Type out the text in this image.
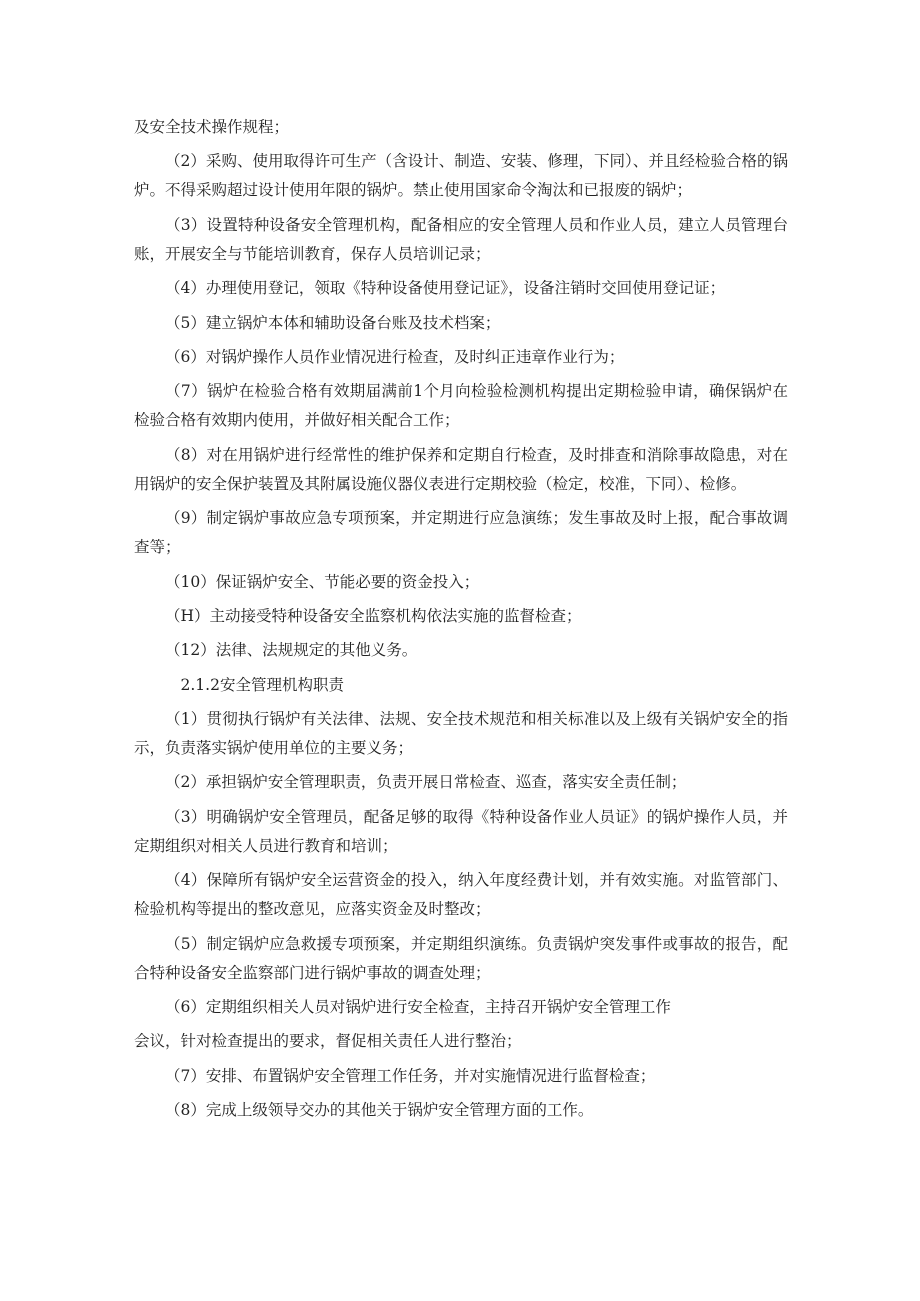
及安全技术操作规程；

（2）采购、使用取得许可生产（含设计、制造、安装、修理，下同）、并且经检验合格的锅炉。不得采购超过设计使用年限的锅炉。禁止使用国家命令淘汰和已报废的锅炉；

（3）设置特种设备安全管理机构，配备相应的安全管理人员和作业人员，建立人员管理台账，开展安全与节能培训教育，保存人员培训记录；

（4）办理使用登记，领取《特种设备使用登记证》，设备注销时交回使用登记证；

（5）建立锅炉本体和辅助设备台账及技术档案；

（6）对锅炉操作人员作业情况进行检查，及时纠正违章作业行为；

（7）锅炉在检验合格有效期届满前1个月向检验检测机构提出定期检验申请，确保锅炉在检验合格有效期内使用，并做好相关配合工作；

（8）对在用锅炉进行经常性的维护保养和定期自行检查，及时排查和消除事故隐患，对在用锅炉的安全保护装置及其附属设施仪器仪表进行定期校验（检定，校准，下同）、检修。

（9）制定锅炉事故应急专项预案，并定期进行应急演练；发生事故及时上报，配合事故调查等；

（10）保证锅炉安全、节能必要的资金投入；

（H）主动接受特种设备安全监察机构依法实施的监督检查；

（12）法律、法规规定的其他义务。

2.1.2安全管理机构职责

（1）贯彻执行锅炉有关法律、法规、安全技术规范和相关标准以及上级有关锅炉安全的指示，负责落实锅炉使用单位的主要义务；

（2）承担锅炉安全管理职责，负责开展日常检查、巡查，落实安全责任制；

（3）明确锅炉安全管理员，配备足够的取得《特种设备作业人员证》的锅炉操作人员，并定期组织对相关人员进行教育和培训；

（4）保障所有锅炉安全运营资金的投入，纳入年度经费计划，并有效实施。对监管部门、检验机构等提出的整改意见，应落实资金及时整改；

（5）制定锅炉应急救援专项预案，并定期组织演练。负责锅炉突发事件或事故的报告，配合特种设备安全监察部门进行锅炉事故的调查处理；

（6）定期组织相关人员对锅炉进行安全检查，主持召开锅炉安全管理工作

会议，针对检查提出的要求，督促相关责任人进行整治；

（7）安排、布置锅炉安全管理工作任务，并对实施情况进行监督检查；

（8）完成上级领导交办的其他关于锅炉安全管理方面的工作。
